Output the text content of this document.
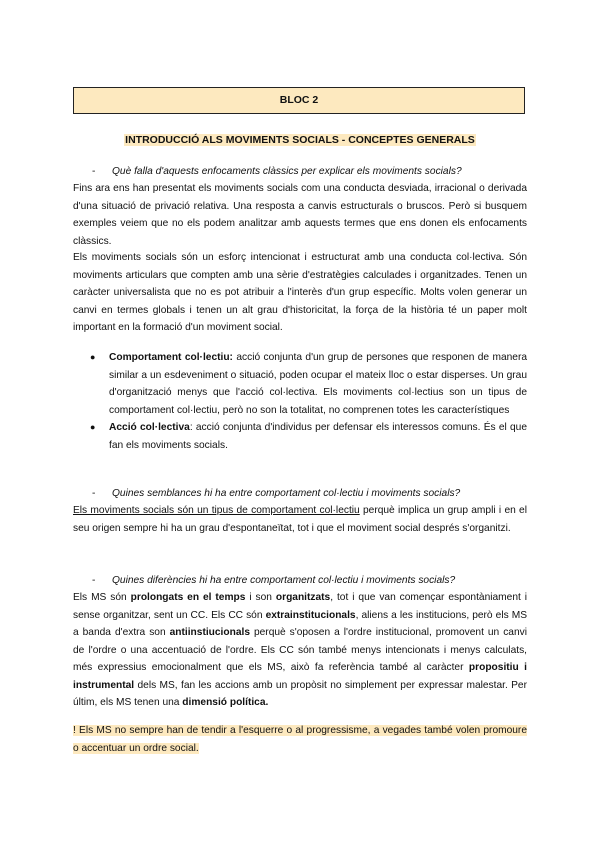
BLOC 2
INTRODUCCIÓ ALS MOVIMENTS SOCIALS - CONCEPTES GENERALS
- Què falla d'aquests enfocaments clàssics per explicar els moviments socials?
Fins ara ens han presentat els moviments socials com una conducta desviada, irracional o derivada d'una situació de privació relativa. Una resposta a canvis estructurals o bruscos. Però si busquem exemples veiem que no els podem analitzar amb aquests termes que ens donen els enfocaments clàssics.
Els moviments socials són un esforç intencionat i estructurat amb una conducta col·lectiva. Són moviments articulars que compten amb una sèrie d'estratègies calculades i organitzades. Tenen un caràcter universalista que no es pot atribuir a l'interès d'un grup específic. Molts volen generar un canvi en termes globals i tenen un alt grau d'historicitat, la força de la història té un paper molt important en la formació d'un moviment social.
● Comportament col·lectiu: acció conjunta d'un grup de persones que responen de manera similar a un esdeveniment o situació, poden ocupar el mateix lloc o estar disperses. Un grau d'organització menys que l'acció col·lectiva. Els moviments col·lectius son un tipus de comportament col·lectiu, però no son la totalitat, no comprenen totes les característiques
● Acció col·lectiva: acció conjunta d'individus per defensar els interessos comuns. És el que fan els moviments socials.
- Quines semblances hi ha entre comportament col·lectiu i moviments socials?
Els moviments socials són un tipus de comportament col·lectiu perquè implica un grup ampli i en el seu origen sempre hi ha un grau d'espontaneïtat, tot i que el moviment social després s'organitzi.
- Quines diferències hi ha entre comportament col·lectiu i moviments socials?
Els MS són prolongats en el temps i son organitzats, tot i que van començar espontàniament i sense organitzar, sent un CC. Els CC són extrainstitucionals, aliens a les institucions, però els MS a banda d'extra son antiinstiucionals perquè s'oposen a l'ordre institucional, promovent un canvi de l'ordre o una accentuació de l'ordre. Els CC són també menys intencionats i menys calculats, més expressius emocionalment que els MS, això fa referència també al caràcter propositiu i instrumental dels MS, fan les accions amb un propòsit no simplement per expressar malestar. Per últim, els MS tenen una dimensió política.
! Els MS no sempre han de tendir a l'esquerre o al progressisme, a vegades també volen promoure o accentuar un ordre social.
